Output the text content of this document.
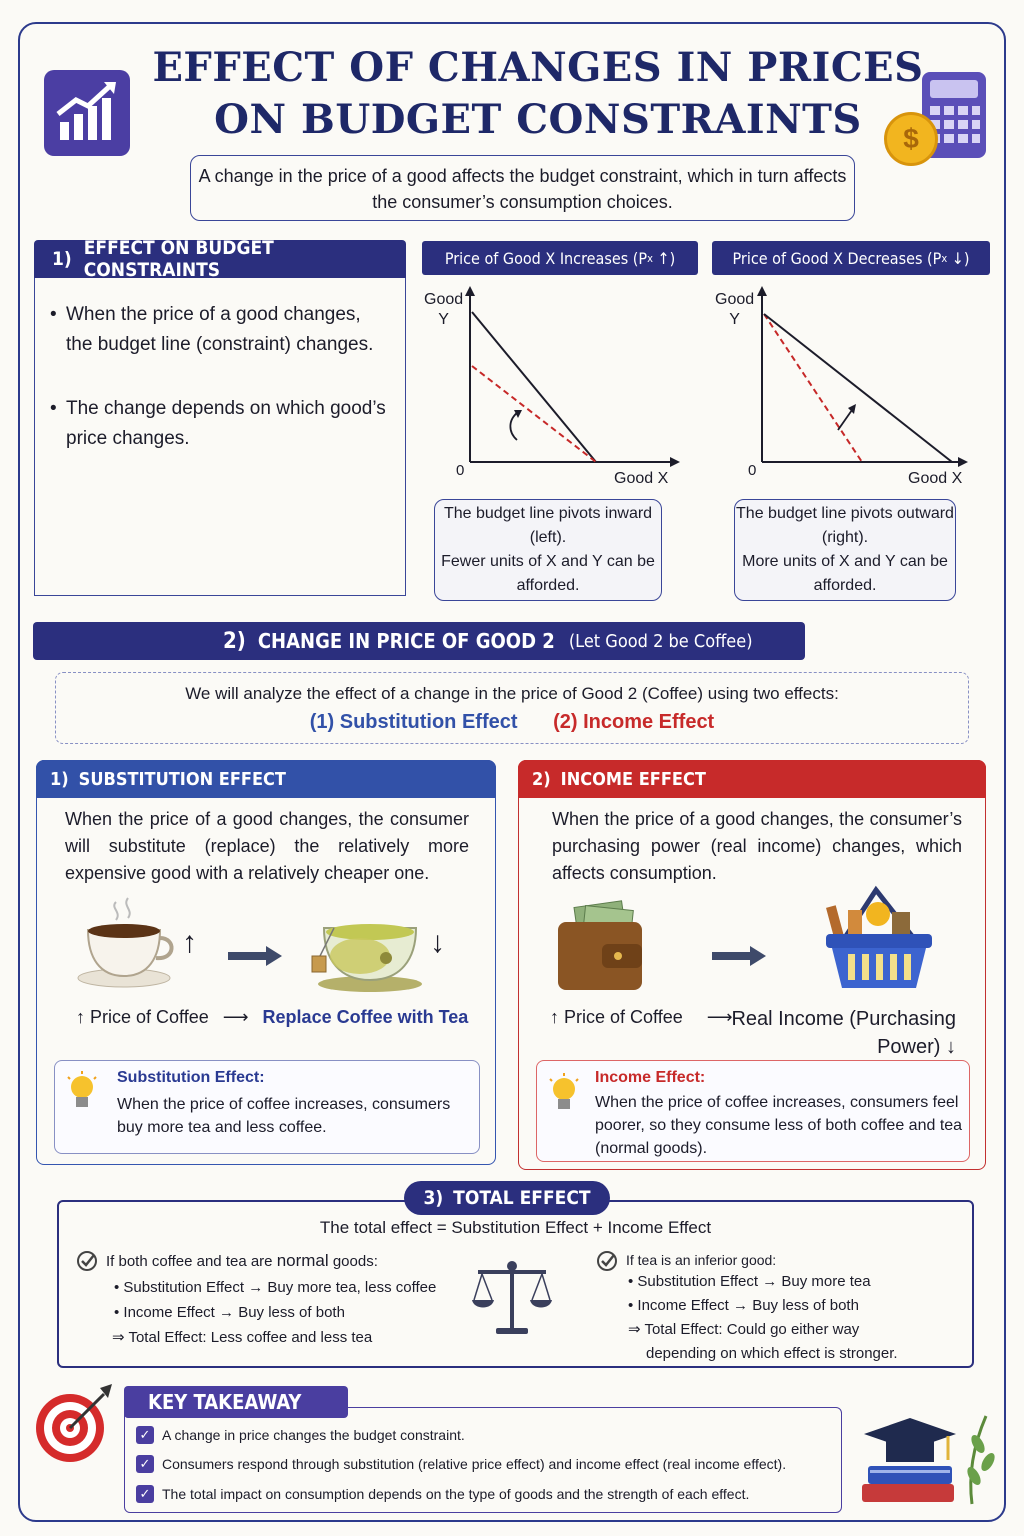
$
EFFECT OF CHANGES IN PRICES
ON BUDGET CONSTRAINTS
A change in the price of a good affects the budget constraint, which in turn affects the consumer’s consumption choices.
1) EFFECT ON BUDGET CONSTRAINTS
• When the price of a good changes, the budget line (constraint) changes.
• The change depends on which good’s price changes.
Price of Good X Increases (P x
↑)
Good
Y
0	Good X
The budget line pivots inward (left).
Fewer units of X and Y can be afforded.
Price of Good X Decreases (P x
↓)
Good
Y
0	Good X
The budget line pivots outward (right).
More units of X and Y can be afforded.
2) CHANGE IN PRICE OF GOOD 2 (Let Good 2 be Coffee)
We will analyze the effect of a change in the price of Good 2 (Coffee) using two effects:
(1) Substitution Effect (2) Income Effect
1) SUBSTITUTION EFFECT
When the price of a good changes, the consumer will substitute (replace) the relatively more expensive good with a relatively cheaper one.
↑	↓
↑ Price of Coffee ⟶ Replace Coffee with Tea
Substitution Effect:
When the price of coffee increases, consumers buy more tea and less coffee.
2) INCOME EFFECT
When the price of a good changes, the consumer’s purchasing power (real income) changes, which affects consumption.
↑ Price of Coffee ⟶
Real Income (Purchasing
Power) ↓
Income Effect:
When the price of coffee increases, consumers feel poorer, so they consume less of both coffee and tea (normal goods).
3) TOTAL EFFECT
The total effect = Substitution Effect + Income Effect
If both coffee and tea are normal goods:
• Substitution Effect → Buy more tea, less coffee
• Income Effect → Buy less of both
⇒ Total Effect: Less coffee and less tea
If tea is an inferior good:
• Substitution Effect → Buy more tea
• Income Effect → Buy less of both
⇒ Total Effect: Could go either way
depending on which effect is stronger.
KEY TAKEAWAY
✓ A change in price changes the budget constraint.
✓ Consumers respond through substitution (relative price effect) and income effect (real income effect).
✓ The total impact on consumption depends on the type of goods and the strength of each effect.
